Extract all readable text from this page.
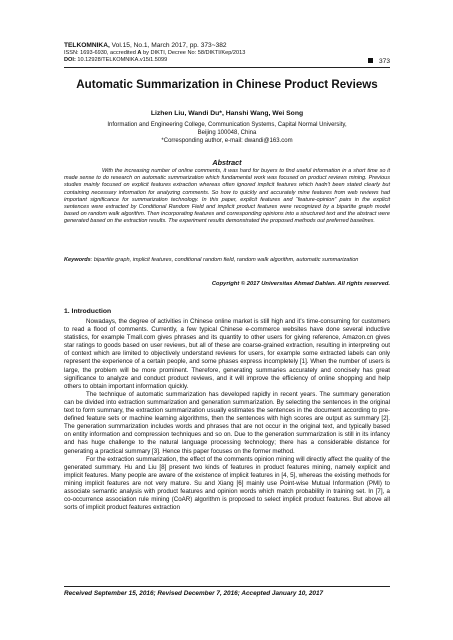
TELKOMNIKA, Vol.15, No.1, March 2017, pp. 373~382
ISSN: 1693-6930, accredited A by DIKTI, Decree No: 58/DIKTI/Kep/2013
DOI: 10.12928/TELKOMNIKA.v15i1.5099	373
Automatic Summarization in Chinese Product Reviews
Lizhen Liu, Wandi Du*, Hanshi Wang, Wei Song
Information and Engineering College, Communication Systems, Capital Normal University,
Beijing 100048, China
*Corresponding author, e-mail: dwandi@163.com
Abstract
With the increasing number of online comments, it was hard for buyers to find useful information in a short time so it made sense to do research on automatic summarization which fundamental work was focused on product reviews mining. Previous studies mainly focused on explicit features extraction whereas often ignored implicit features which hadn't been stated clearly but containing necessary information for analyzing comments. So how to quickly and accurately mine features from web reviews had important significance for summarization technology. In this paper, explicit features and “feature-opinion” pairs in the explicit sentences were extracted by Conditional Random Field and implicit product features were recognized by a bipartite graph model based on random walk algorithm. Then incorporating features and corresponding opinions into a structured text and the abstract were generated based on the extraction results. The experiment results demonstrated the proposed methods out preferred baselines.
Keywords: bipartite graph, implicit features, conditional random field, random walk algorithm, automatic summarization
Copyright © 2017 Universitas Ahmad Dahlan. All rights reserved.
1. Introduction

Nowadays, the degree of activities in Chinese online market is still high and it's time-consuming for customers to read a flood of comments. Currently, a few typical Chinese e-commerce websites have done several inductive statistics, for example Tmall.com gives phrases and its quantity to other users for giving reference, Amazon.cn gives star ratings to goods based on user reviews, but all of these are coarse-grained extraction, resulting in interpreting out of context which are limited to objectively understand reviews for users, for example some extracted labels can only represent the experience of a certain people, and some phases express incompletely [1]. When the number of users is large, the problem will be more prominent. Therefore, generating summaries accurately and concisely has great significance to analyze and conduct product reviews, and it will improve the efficiency of online shopping and help others to obtain important information quickly.

The technique of automatic summarization has developed rapidly in recent years. The summary generation can be divided into extraction summarization and generation summarization. By selecting the sentences in the original text to form summary, the extraction summarization usually estimates the sentences in the document according to pre-defined feature sets or machine learning algorithms, then the sentences with high scores are output as summary [2]. The generation summarization includes words and phrases that are not occur in the original text, and typically based on entity information and compression techniques and so on. Due to the generation summarization is still in its infancy and has huge challenge to the natural language processing technology; there has a considerable distance for generating a practical summary [3]. Hence this paper focuses on the former method.

For the extraction summarization, the effect of the comments opinion mining will directly affect the quality of the generated summary. Hu and Liu [8] present two kinds of features in product features mining, namely explicit and implicit features. Many people are aware of the existence of implicit features in [4, 5], whereas the existing methods for mining implicit features are not very mature. Su and Xiang [6] mainly use Point-wise Mutual Information (PMI) to associate semantic analysis with product features and opinion words which match probability in training set. In [7], a co-occurrence association rule mining (CoAR) algorithm is proposed to select implicit product features. But above all sorts of implicit product features extraction

Received September 15, 2016; Revised December 7, 2016; Accepted January 10, 2017
